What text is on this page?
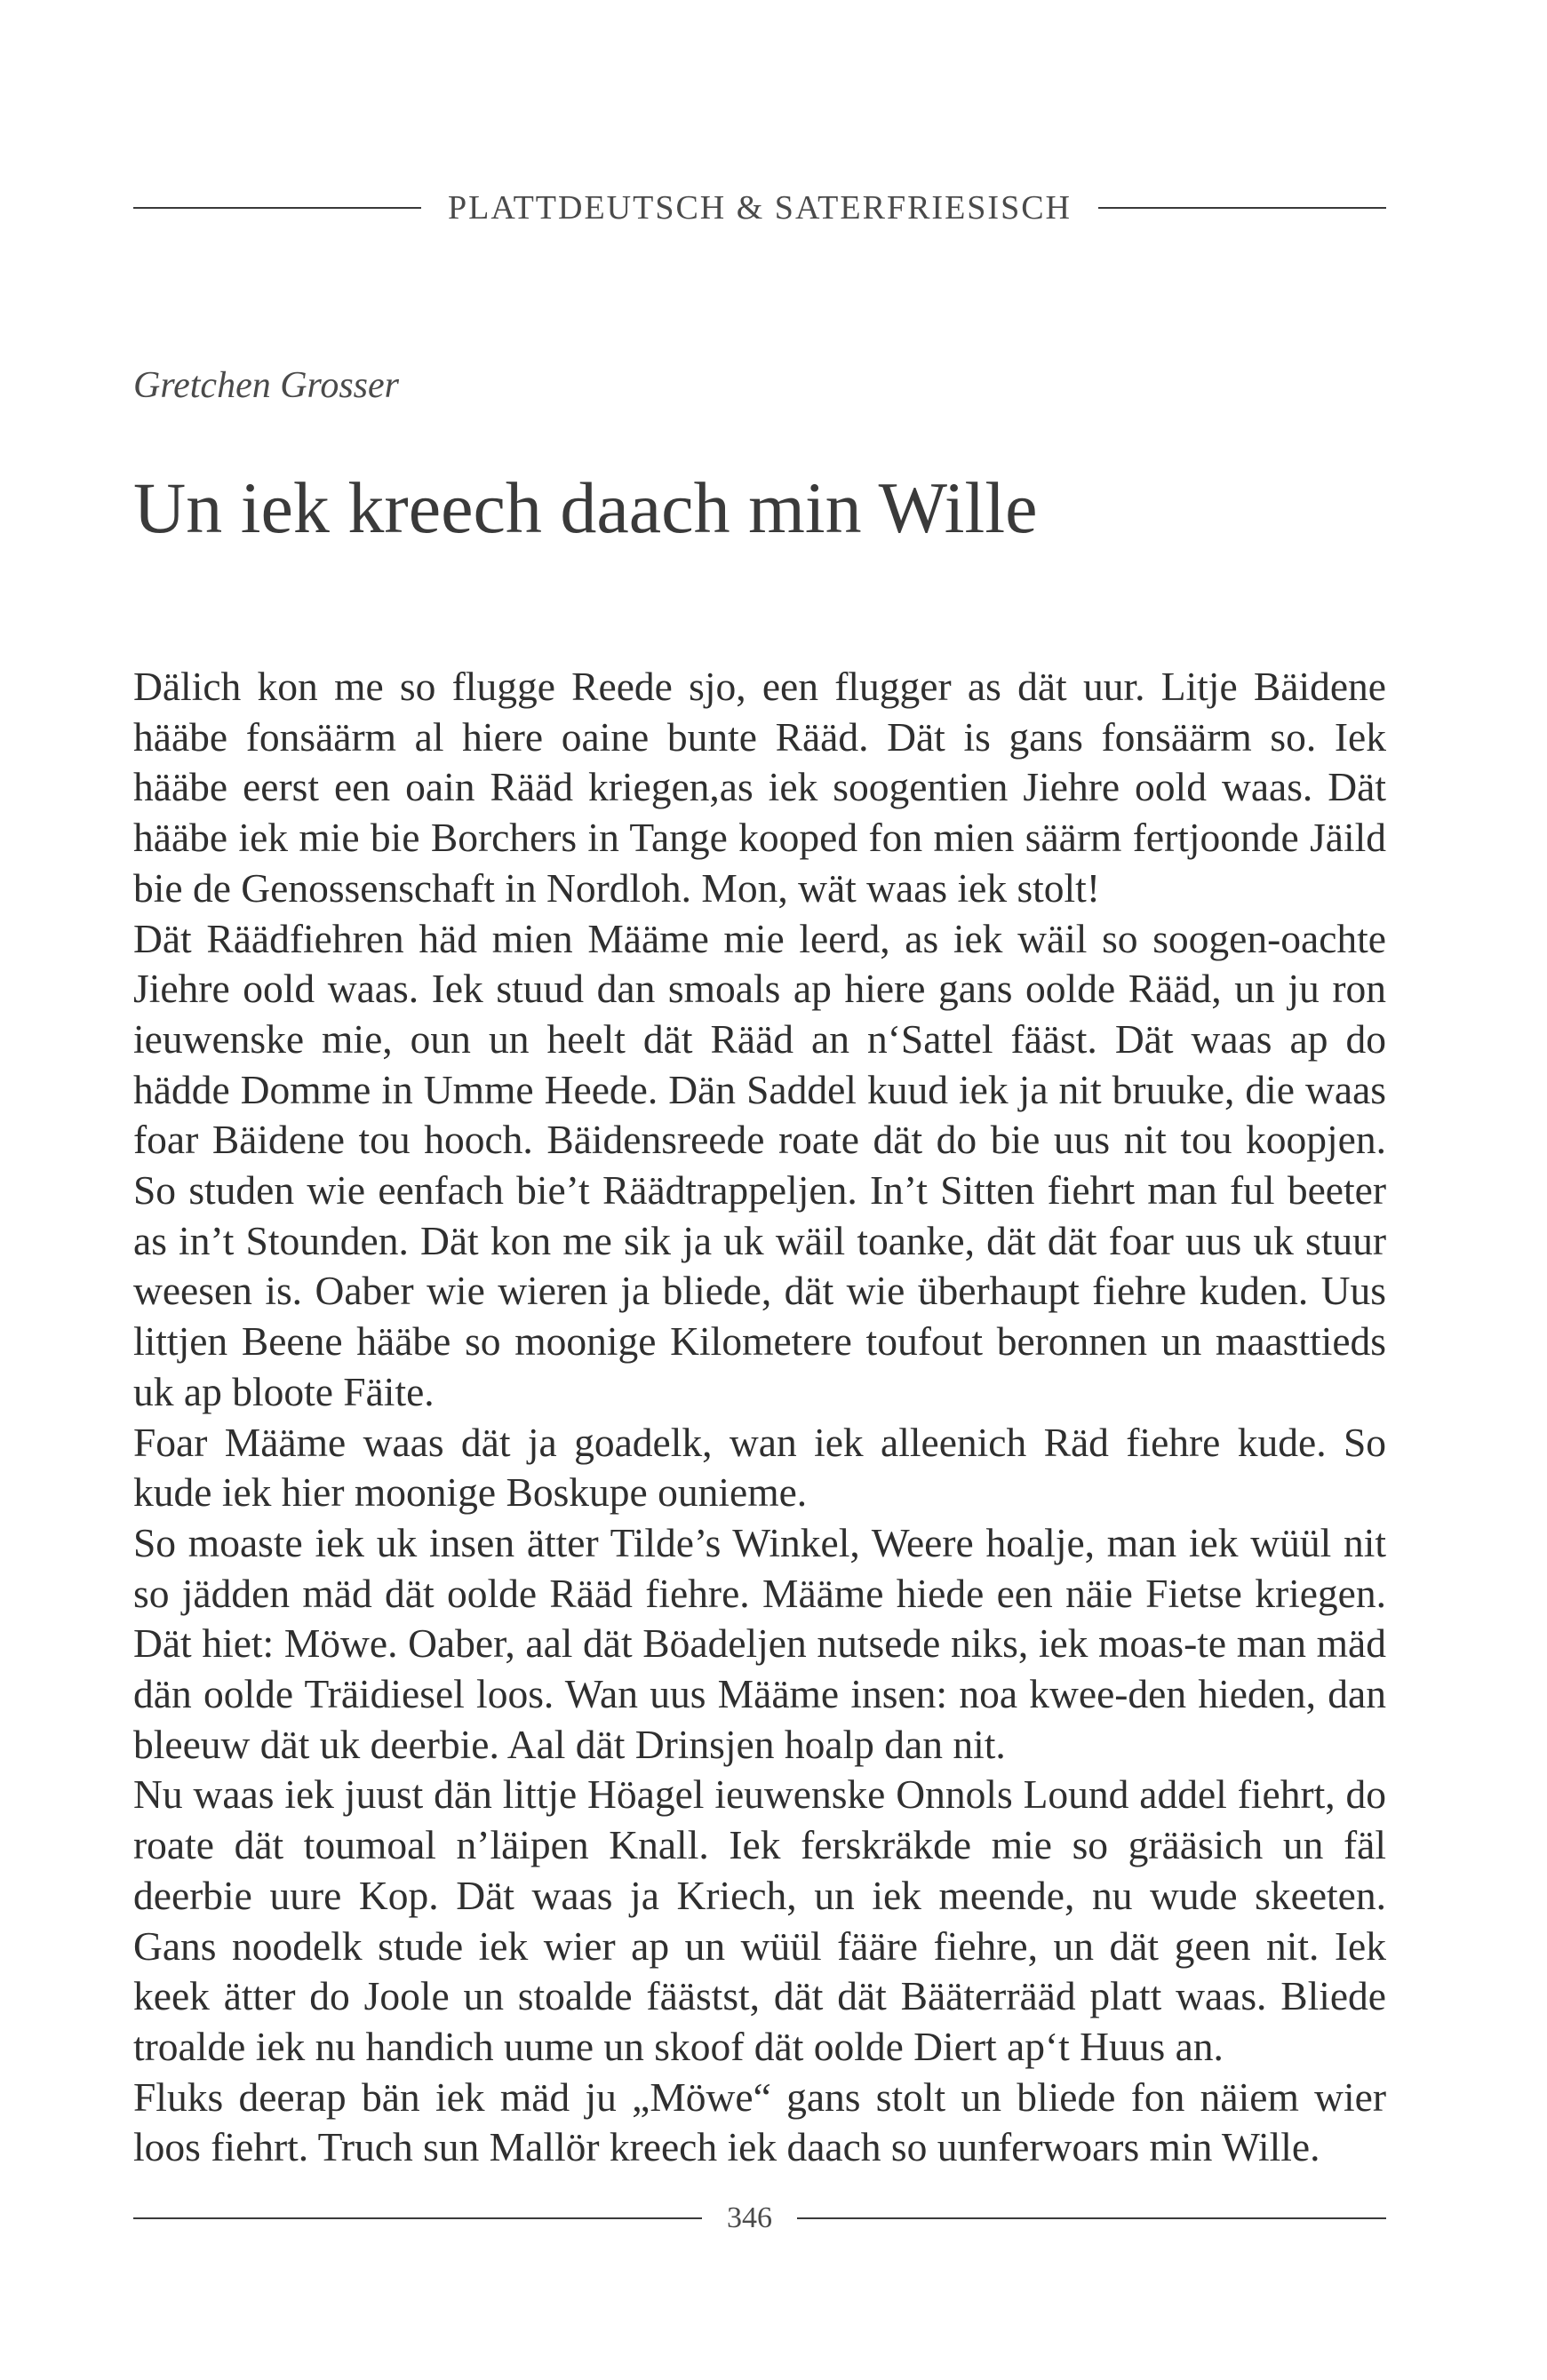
PLATTDEUTSCH & SATERFRIESISCH
Gretchen Grosser
Un iek kreech daach min Wille

Dälich kon me so flugge Reede sjo, een flugger as dät uur. Litje Bäidene hääbe fonsäärm al hiere oaine bunte Rääd. Dät is gans fonsäärm so. Iek hääbe eerst een oain Rääd kriegen,as iek soogentien Jiehre oold waas. Dät hääbe iek mie bie Borchers in Tange kooped fon mien säärm fertjoonde Jäild bie de Genossenschaft in Nordloh. Mon, wät waas iek stolt!

Dät Räädfiehren häd mien Määme mie leerd, as iek wäil so soogen-oachte Jiehre oold waas. Iek stuud dan smoals ap hiere gans oolde Rääd, un ju ron ieuwenske mie, oun un heelt dät Rääd an n‘Sattel fääst. Dät waas ap do hädde Domme in Umme Heede. Dän Saddel kuud iek ja nit bruuke, die waas foar Bäidene tou hooch. Bäidensreede roate dät do bie uus nit tou koopjen. So studen wie eenfach bie’t Räädtrappeljen. In’t Sitten fiehrt man ful beeter as in’t Stounden. Dät kon me sik ja uk wäil toanke, dät dät foar uus uk stuur weesen is. Oaber wie wieren ja bliede, dät wie überhaupt fiehre kuden. Uus littjen Beene hääbe so moonige Kilometere toufout beronnen un maasttieds uk ap bloote Fäite.

Foar Määme waas dät ja goadelk, wan iek alleenich Räd fiehre kude. So kude iek hier moonige Boskupe ounieme.

So moaste iek uk insen ätter Tilde’s Winkel, Weere hoalje, man iek wüül nit so jädden mäd dät oolde Rääd fiehre. Määme hiede een näie Fietse kriegen. Dät hiet: Möwe. Oaber, aal dät Böadeljen nutsede niks, iek moas-te man mäd dän oolde Träidiesel loos. Wan uus Määme insen: noa kwee-den hieden, dan bleeuw dät uk deerbie. Aal dät Drinsjen hoalp dan nit.

Nu waas iek juust dän littje Höagel ieuwenske Onnols Lound addel fiehrt, do roate dät toumoal n’läipen Knall. Iek ferskräkde mie so grääsich un fäl deerbie uure Kop. Dät waas ja Kriech, un iek meende, nu wude skeeten. Gans noodelk stude iek wier ap un wüül fääre fiehre, un dät geen nit. Iek keek ätter do Joole un stoalde fäästst, dät dät Bääterrääd platt waas. Bliede troalde iek nu handich uume un skoof dät oolde Diert ap‘t Huus an.

Fluks deerap bän iek mäd ju „Möwe“ gans stolt un bliede fon näiem wier loos fiehrt. Truch sun Mallör kreech iek daach so uunferwoars min Wille.

346
